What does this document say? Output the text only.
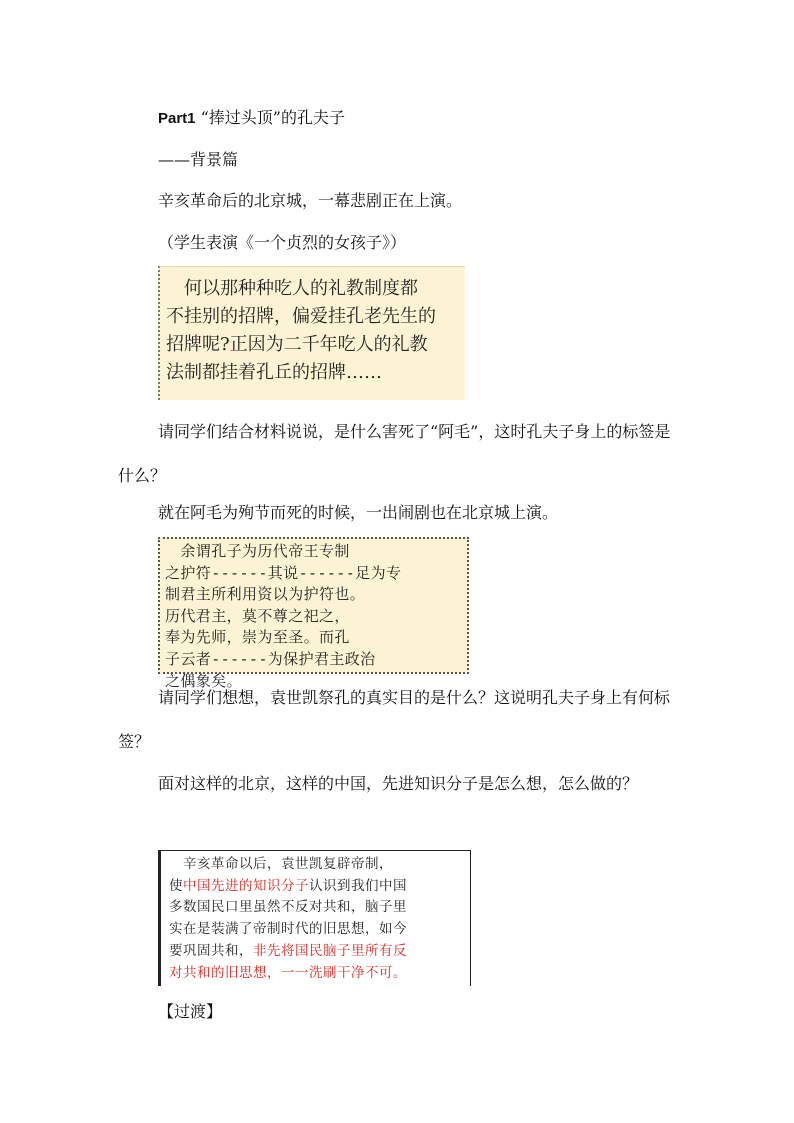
Part1 “捧过头顶”的孔夫子
——背景篇
辛亥革命后的北京城，一幕悲剧正在上演。
（学生表演《一个贞烈的女孩子》）

　何以那种种吃人的礼教制度都

不挂别的招牌，偏爱挂孔老先生的

招牌呢?正因为二千年吃人的礼教

法制都挂着孔丘的招牌……

请同学们结合材料说说，是什么害死了“阿毛”，这时孔夫子身上的标签是什么？
就在阿毛为殉节而死的时候，一出闹剧也在北京城上演。

　余谓孔子为历代帝王专制

之护符------其说------足为专

制君主所利用资以为护符也。

历代君主，莫不尊之祀之，

奉为先师，崇为至圣。而孔

子云者------为保护君主政治

之偶象矣。

请同学们想想，袁世凯祭孔的真实目的是什么？这说明孔夫子身上有何标签？
面对这样的北京，这样的中国，先进知识分子是怎么想，怎么做的？

　辛亥革命以后，袁世凯复辟帝制，

使中国先进的知识分子认识到我们中国

多数国民口里虽然不反对共和，脑子里

实在是装满了帝制时代的旧思想，如今

要巩固共和，非先将国民脑子里所有反

对共和的旧思想，一一洗刷干净不可。

【过渡】
